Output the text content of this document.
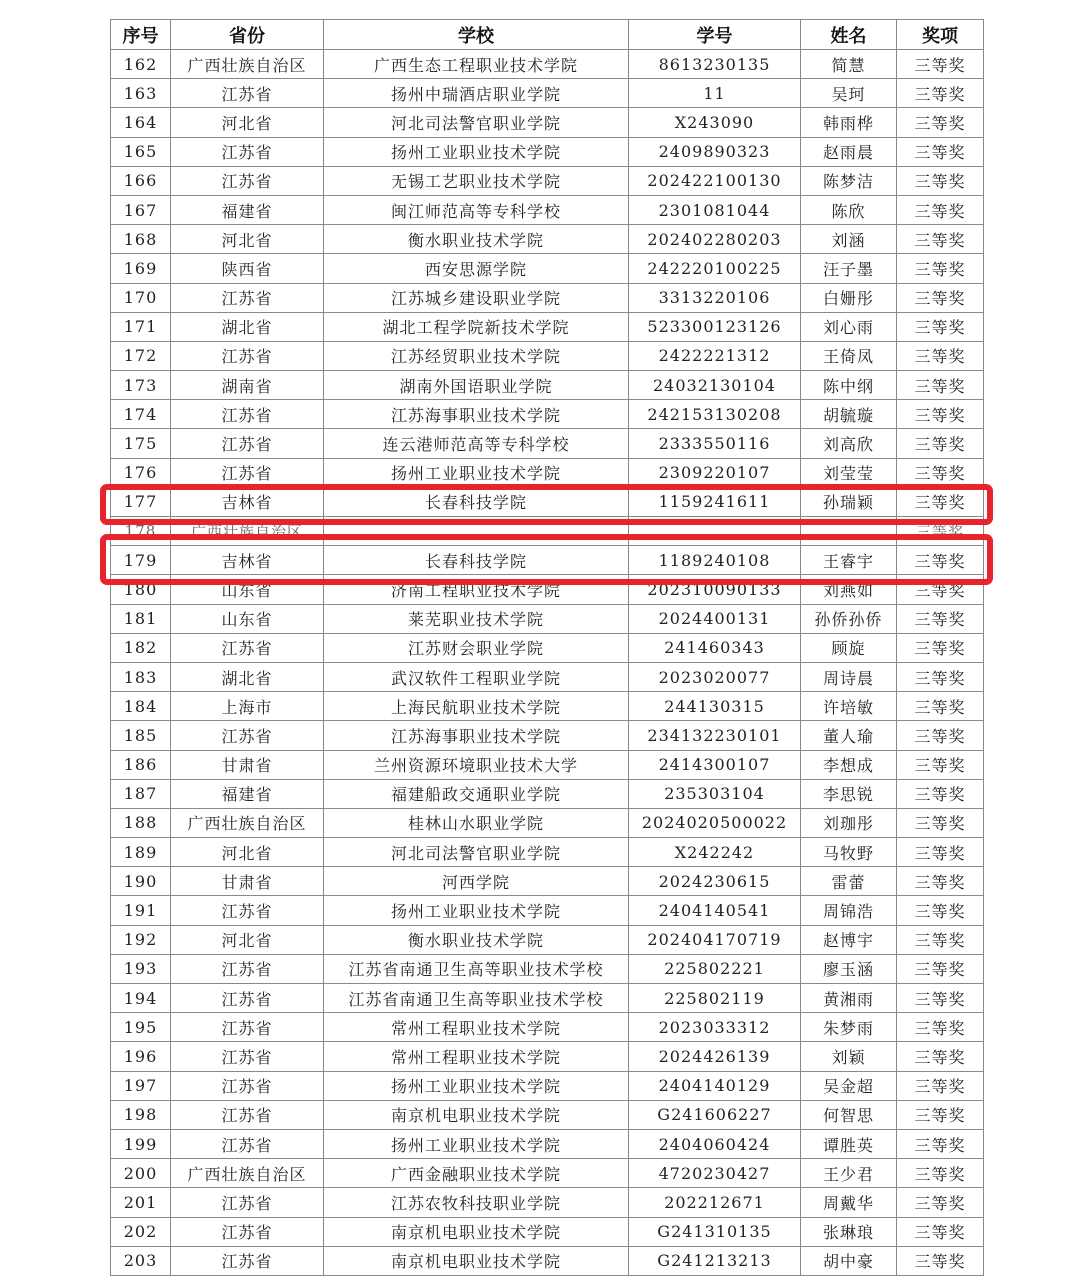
序号	省份	学校	学号	姓名	奖项
162	广西壮族自治区	广西生态工程职业技术学院	8613230135	简慧	三等奖
163	江苏省	扬州中瑞酒店职业学院	11	吴珂	三等奖
164	河北省	河北司法警官职业学院	X243090	韩雨桦	三等奖
165	江苏省	扬州工业职业技术学院	2409890323	赵雨晨	三等奖
166	江苏省	无锡工艺职业技术学院	202422100130	陈梦洁	三等奖
167	福建省	闽江师范高等专科学校	2301081044	陈欣	三等奖
168	河北省	衡水职业技术学院	202402280203	刘涵	三等奖
169	陕西省	西安思源学院	242220100225	汪子墨	三等奖
170	江苏省	江苏城乡建设职业学院	3313220106	白姗彤	三等奖
171	湖北省	湖北工程学院新技术学院	523300123126	刘心雨	三等奖
172	江苏省	江苏经贸职业技术学院	2422221312	王倚凤	三等奖
173	湖南省	湖南外国语职业学院	24032130104	陈中纲	三等奖
174	江苏省	江苏海事职业技术学院	242153130208	胡毓璇	三等奖
175	江苏省	连云港师范高等专科学校	2333550116	刘高欣	三等奖
176	江苏省	扬州工业职业技术学院	2309220107	刘莹莹	三等奖
177	吉林省	长春科技学院	1159241611	孙瑞颖	三等奖
178	广西壮族自治区				三等奖
179	吉林省	长春科技学院	1189240108	王睿宇	三等奖
180	山东省	济南工程职业技术学院	202310090133	刘燕如	三等奖
181	山东省	莱芜职业技术学院	2024400131	孙侨孙侨	三等奖
182	江苏省	江苏财会职业学院	241460343	顾旋	三等奖
183	湖北省	武汉软件工程职业学院	2023020077	周诗晨	三等奖
184	上海市	上海民航职业技术学院	244130315	许培敏	三等奖
185	江苏省	江苏海事职业技术学院	234132230101	董人瑜	三等奖
186	甘肃省	兰州资源环境职业技术大学	2414300107	李想成	三等奖
187	福建省	福建船政交通职业学院	235303104	李思锐	三等奖
188	广西壮族自治区	桂林山水职业学院	2024020500022	刘珈彤	三等奖
189	河北省	河北司法警官职业学院	X242242	马牧野	三等奖
190	甘肃省	河西学院	2024230615	雷蕾	三等奖
191	江苏省	扬州工业职业技术学院	2404140541	周锦浩	三等奖
192	河北省	衡水职业技术学院	202404170719	赵博宇	三等奖
193	江苏省	江苏省南通卫生高等职业技术学校	225802221	廖玉涵	三等奖
194	江苏省	江苏省南通卫生高等职业技术学校	225802119	黄湘雨	三等奖
195	江苏省	常州工程职业技术学院	2023033312	朱梦雨	三等奖
196	江苏省	常州工程职业技术学院	2024426139	刘颖	三等奖
197	江苏省	扬州工业职业技术学院	2404140129	吴金超	三等奖
198	江苏省	南京机电职业技术学院	G241606227	何智思	三等奖
199	江苏省	扬州工业职业技术学院	2404060424	谭胜英	三等奖
200	广西壮族自治区	广西金融职业技术学院	4720230427	王少君	三等奖
201	江苏省	江苏农牧科技职业学院	202212671	周戴华	三等奖
202	江苏省	南京机电职业技术学院	G241310135	张琳琅	三等奖
203	江苏省	南京机电职业技术学院	G241213213	胡中豪	三等奖
